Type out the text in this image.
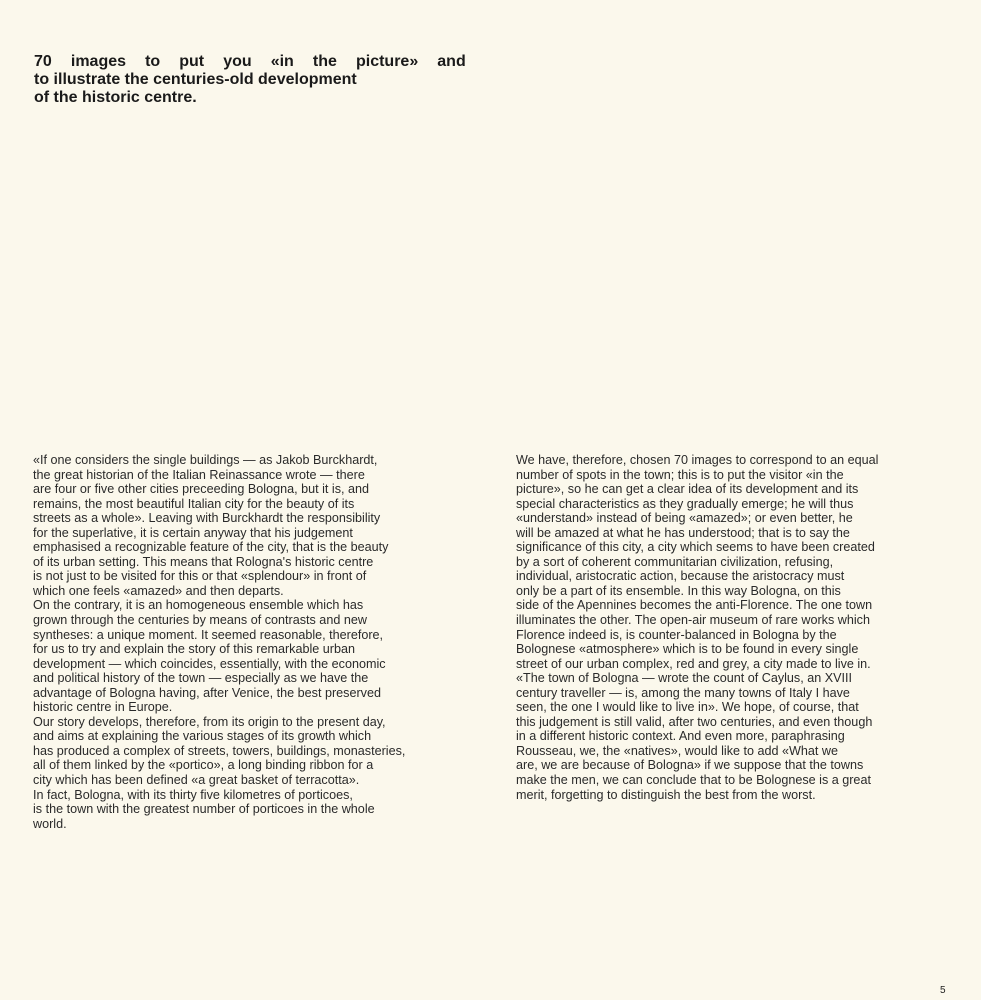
70 images to put you «in the picture» and
to illustrate the centuries-old development
of the historic centre.
«If one considers the single buildings — as Jakob Burckhardt,
the great historian of the Italian Reinassance wrote — there
are four or five other cities preceeding Bologna, but it is, and
remains, the most beautiful Italian city for the beauty of its
streets as a whole». Leaving with Burckhardt the responsibility
for the superlative, it is certain anyway that his judgement
emphasised a recognizable feature of the city, that is the beauty
of its urban setting. This means that Rologna's historic centre
is not just to be visited for this or that «splendour» in front of
which one feels «amazed» and then departs.
On the contrary, it is an homogeneous ensemble which has
grown through the centuries by means of contrasts and new
syntheses: a unique moment. It seemed reasonable, therefore,
for us to try and explain the story of this remarkable urban
development — which coincides, essentially, with the economic
and political history of the town — especially as we have the
advantage of Bologna having, after Venice, the best preserved
historic centre in Europe.
Our story develops, therefore, from its origin to the present day,
and aims at explaining the various stages of its growth which
has produced a complex of streets, towers, buildings, monasteries,
all of them linked by the «portico», a long binding ribbon for a
city which has been defined «a great basket of terracotta».
In fact, Bologna, with its thirty five kilometres of porticoes,
is the town with the greatest number of porticoes in the whole
world.
We have, therefore, chosen 70 images to correspond to an equal
number of spots in the town; this is to put the visitor «in the
picture», so he can get a clear idea of its development and its
special characteristics as they gradually emerge; he will thus
«understand» instead of being «amazed»; or even better, he
will be amazed at what he has understood; that is to say the
significance of this city, a city which seems to have been created
by a sort of coherent communitarian civilization, refusing,
individual, aristocratic action, because the aristocracy must
only be a part of its ensemble. In this way Bologna, on this
side of the Apennines becomes the anti-Florence. The one town
illuminates the other. The open-air museum of rare works which
Florence indeed is, is counter-balanced in Bologna by the
Bolognese «atmosphere» which is to be found in every single
street of our urban complex, red and grey, a city made to live in.
«The town of Bologna — wrote the count of Caylus, an XVIII
century traveller — is, among the many towns of Italy I have
seen, the one I would like to live in». We hope, of course, that
this judgement is still valid, after two centuries, and even though
in a different historic context. And even more, paraphrasing
Rousseau, we, the «natives», would like to add «What we
are, we are because of Bologna» if we suppose that the towns
make the men, we can conclude that to be Bolognese is a great
merit, forgetting to distinguish the best from the worst.
5
